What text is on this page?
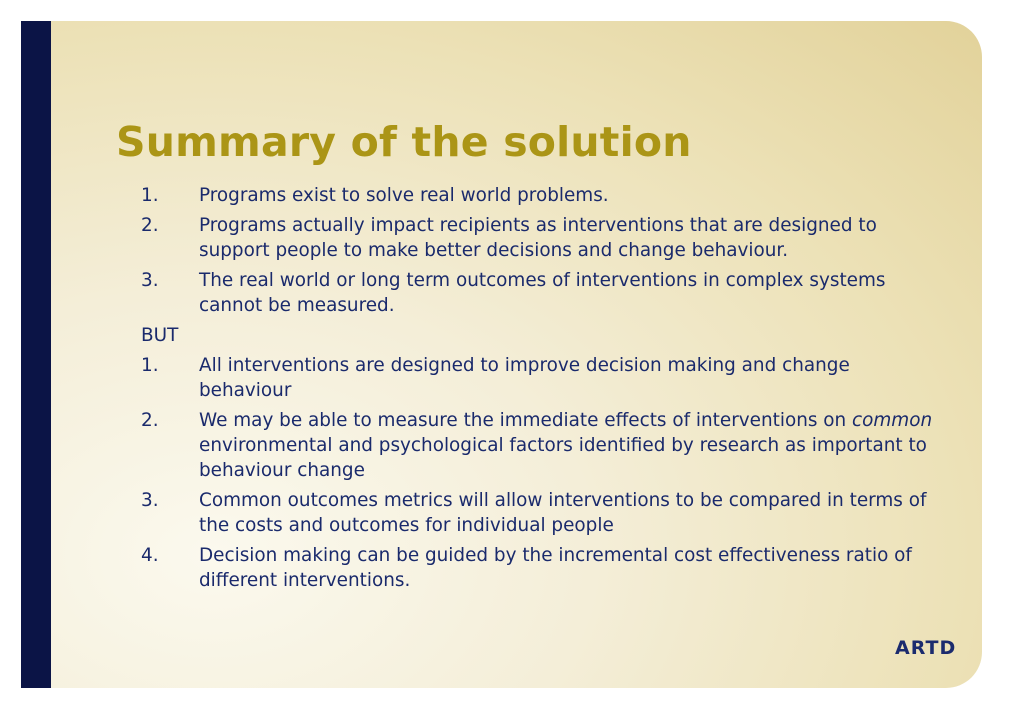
Summary of the solution
1.	Programs exist to solve real world problems.
2.	Programs actually impact recipients as interventions that are designed to support people to make better decisions and change behaviour.
3.	The real world or long term outcomes of interventions in complex systems cannot be measured.
BUT
1.	All interventions are designed to improve decision making and change behaviour
2.	We may be able to measure the immediate effects of interventions on common environmental and psychological factors identified by research as important to behaviour change
3.	Common outcomes metrics will allow interventions to be compared in terms of the costs and outcomes for individual people
4.	Decision making can be guided by the incremental cost effectiveness ratio of different interventions.
ARTD
